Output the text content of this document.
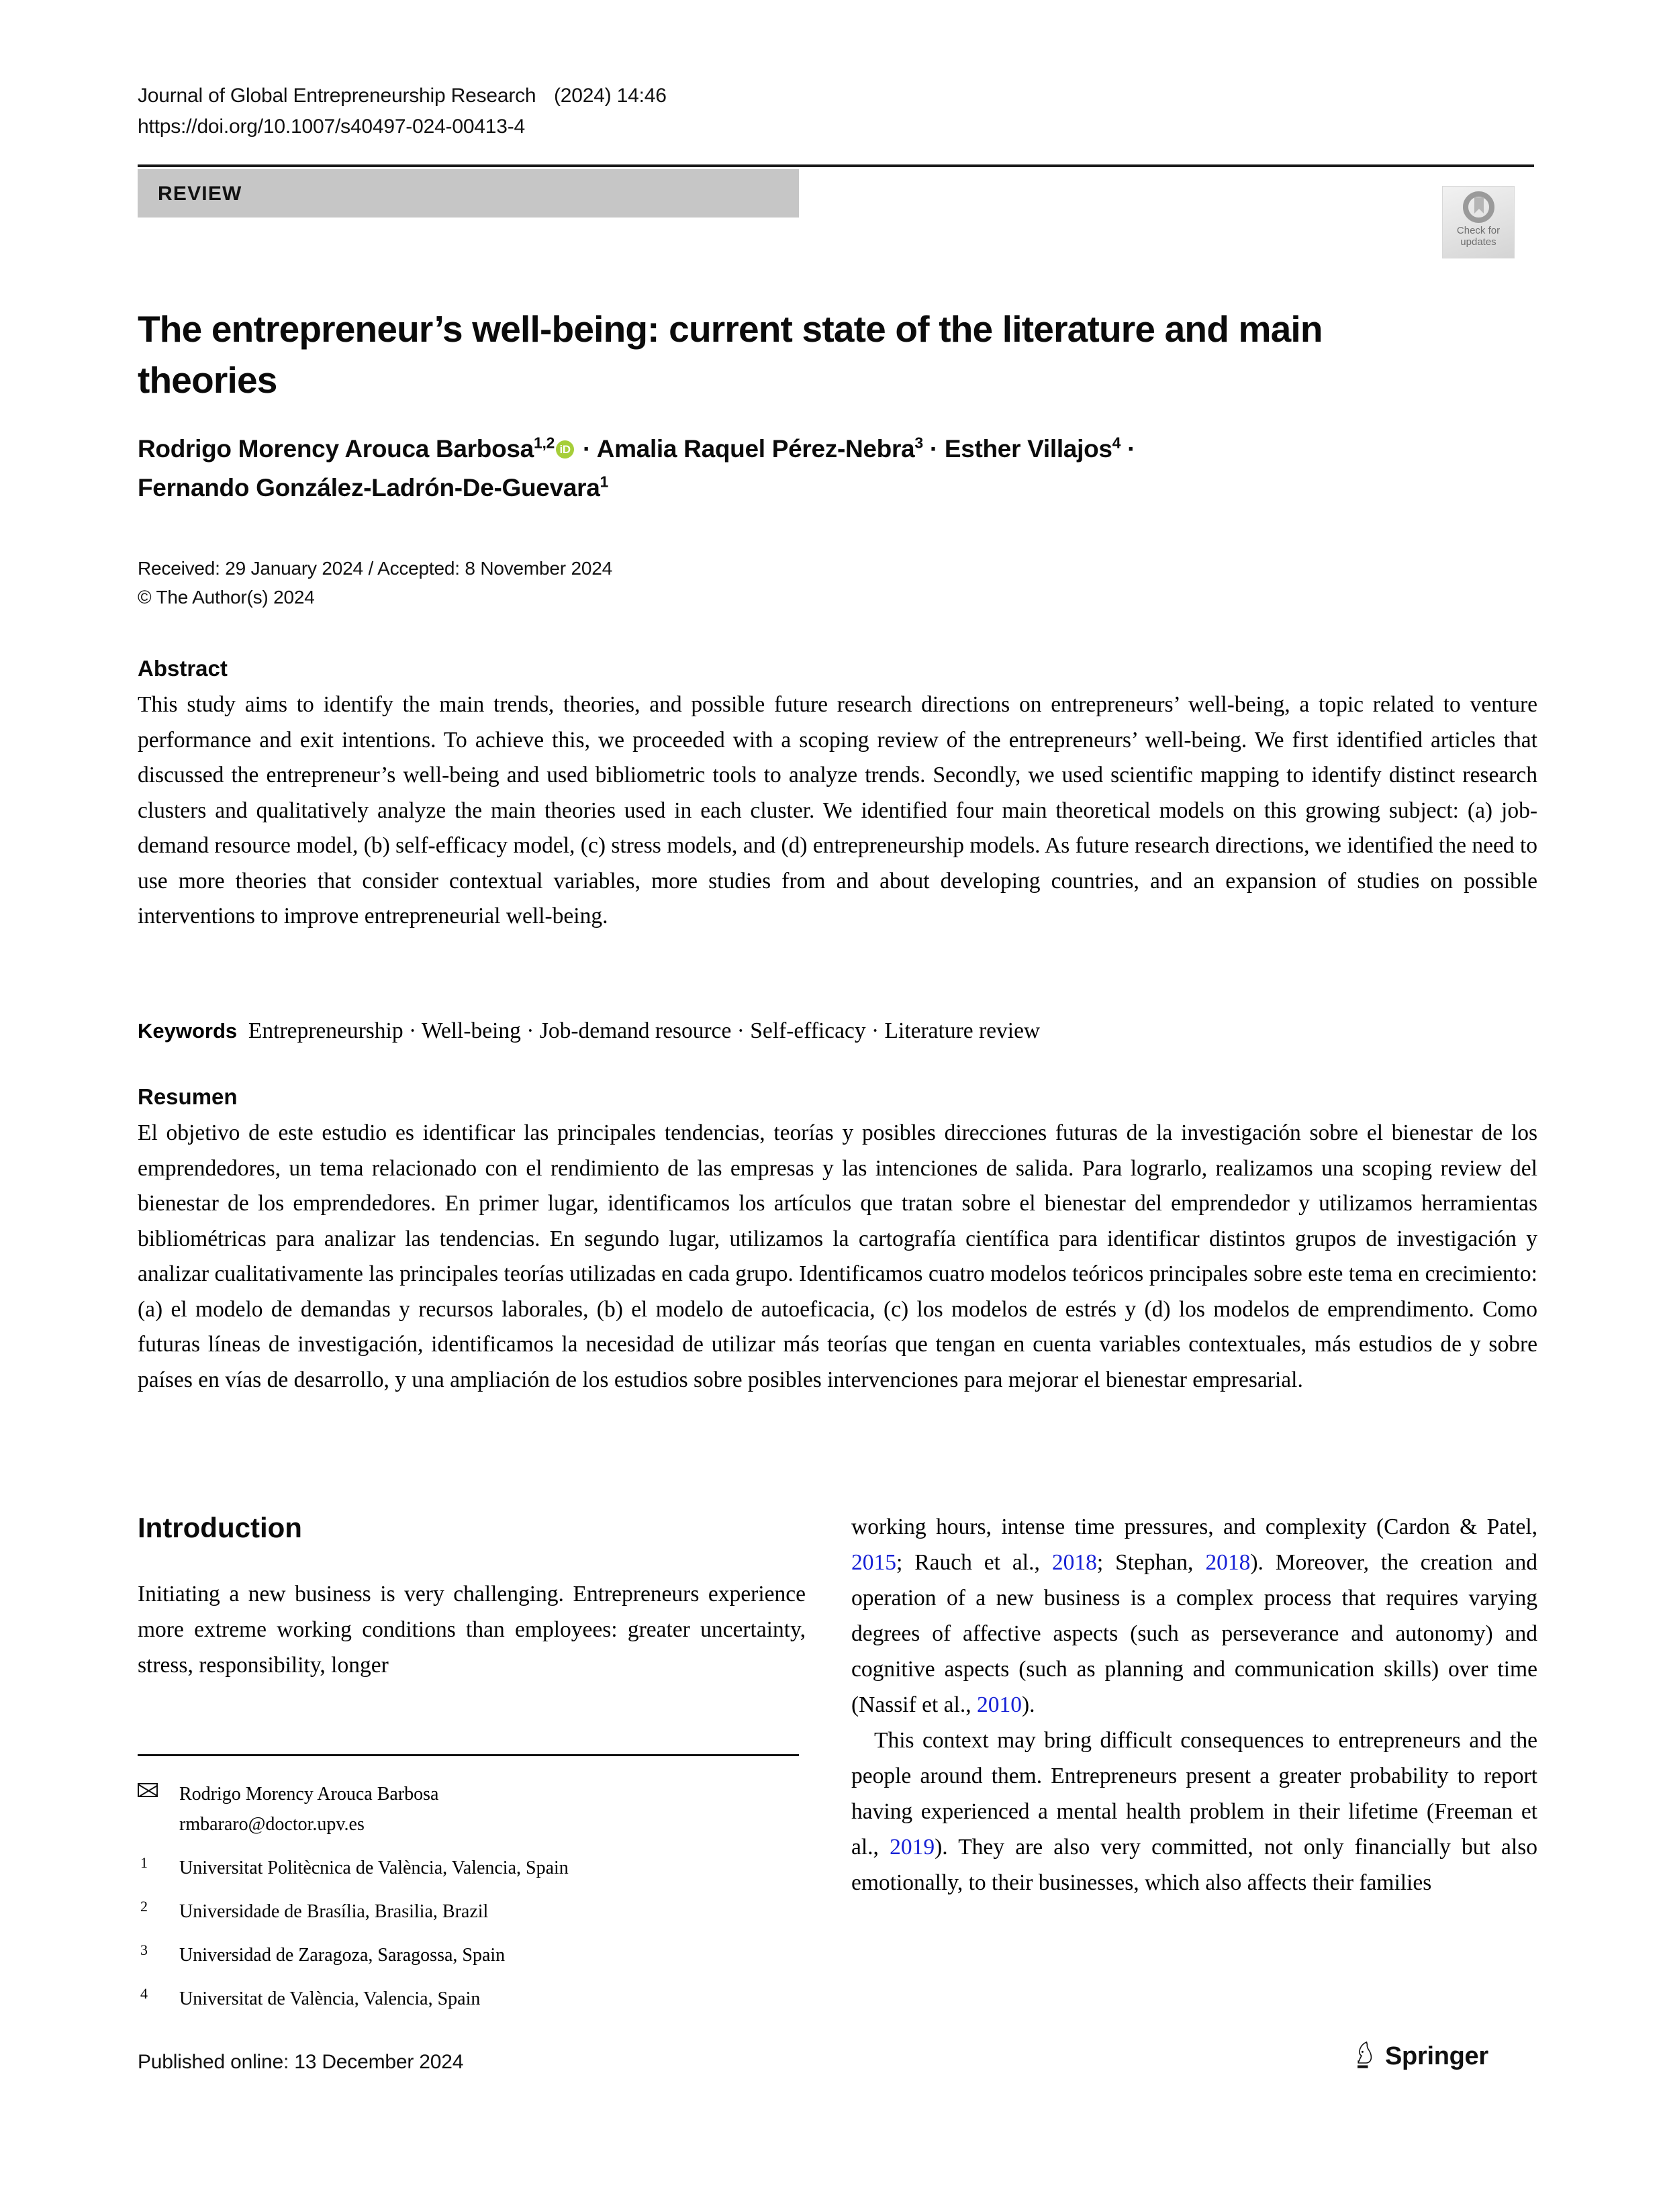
Journal of Global Entrepreneurship Research (2024) 14:46
https://doi.org/10.1007/s40497-024-00413-4
REVIEW
Check for
updates
The entrepreneur’s well-being: current state of the literature and main theories
Rodrigo Morency Arouca Barbosa$^{1,2}$ iD · Amalia Raquel Pérez-Nebra$^3$ · Esther Villajos$^4$ ·
Fernando González-Ladrón-De-Guevara$^1$
Received: 29 January 2024 / Accepted: 8 November 2024
© The Author(s) 2024
Abstract
This study aims to identify the main trends, theories, and possible future research directions on entrepreneurs’ well-being, a topic related to venture performance and exit intentions. To achieve this, we proceeded with a scoping review of the entrepreneurs’ well-being. We first identified articles that discussed the entrepreneur’s well-being and used bibliometric tools to analyze trends. Secondly, we used scientific mapping to identify distinct research clusters and qualitatively analyze the main theories used in each cluster. We identified four main theoretical models on this growing subject: (a) job-demand resource model, (b) self-efficacy model, (c) stress models, and (d) entrepreneurship models. As future research directions, we identified the need to use more theories that consider contextual variables, more studies from and about developing countries, and an expansion of studies on possible interventions to improve entrepreneurial well-being.
Keywords Entrepreneurship · Well-being · Job-demand resource · Self-efficacy · Literature review
Resumen
El objetivo de este estudio es identificar las principales tendencias, teorías y posibles direcciones futuras de la investigación sobre el bienestar de los emprendedores, un tema relacionado con el rendimiento de las empresas y las intenciones de salida. Para lograrlo, realizamos una scoping review del bienestar de los emprendedores. En primer lugar, identificamos los artículos que tratan sobre el bienestar del emprendedor y utilizamos herramientas bibliométricas para analizar las tendencias. En segundo lugar, utilizamos la cartografía científica para identificar distintos grupos de investigación y analizar cualitativamente las principales teorías utilizadas en cada grupo. Identificamos cuatro modelos teóricos principales sobre este tema en crecimiento: (a) el modelo de demandas y recursos laborales, (b) el modelo de autoeficacia, (c) los modelos de estrés y (d) los modelos de emprendimento. Como futuras líneas de investigación, identificamos la necesidad de utilizar más teorías que tengan en cuenta variables contextuales, más estudios de y sobre países en vías de desarrollo, y una ampliación de los estudios sobre posibles intervenciones para mejorar el bienestar empresarial.
Introduction

Initiating a new business is very challenging. Entrepreneurs experience more extreme working conditions than employees: greater uncertainty, stress, responsibility, longer

working hours, intense time pressures, and complexity (Cardon & Patel, 2015; Rauch et al., 2018; Stephan, 2018). Moreover, the creation and operation of a new business is a complex process that requires varying degrees of affective aspects (such as perseverance and autonomy) and cognitive aspects (such as planning and communication skills) over time (Nassif et al., 2010).

This context may bring difficult consequences to entrepreneurs and the people around them. Entrepreneurs present a greater probability to report having experienced a mental health problem in their lifetime (Freeman et al., 2019). They are also very committed, not only financially but also emotionally, to their businesses, which also affects their families

Rodrigo Morency Arouca Barbosa
rmbararo@doctor.upv.es
1 Universitat Politècnica de València, Valencia, Spain
2 Universidade de Brasília, Brasilia, Brazil
3 Universidad de Zaragoza, Saragossa, Spain
4 Universitat de València, Valencia, Spain
Published online: 13 December 2024	Springer
